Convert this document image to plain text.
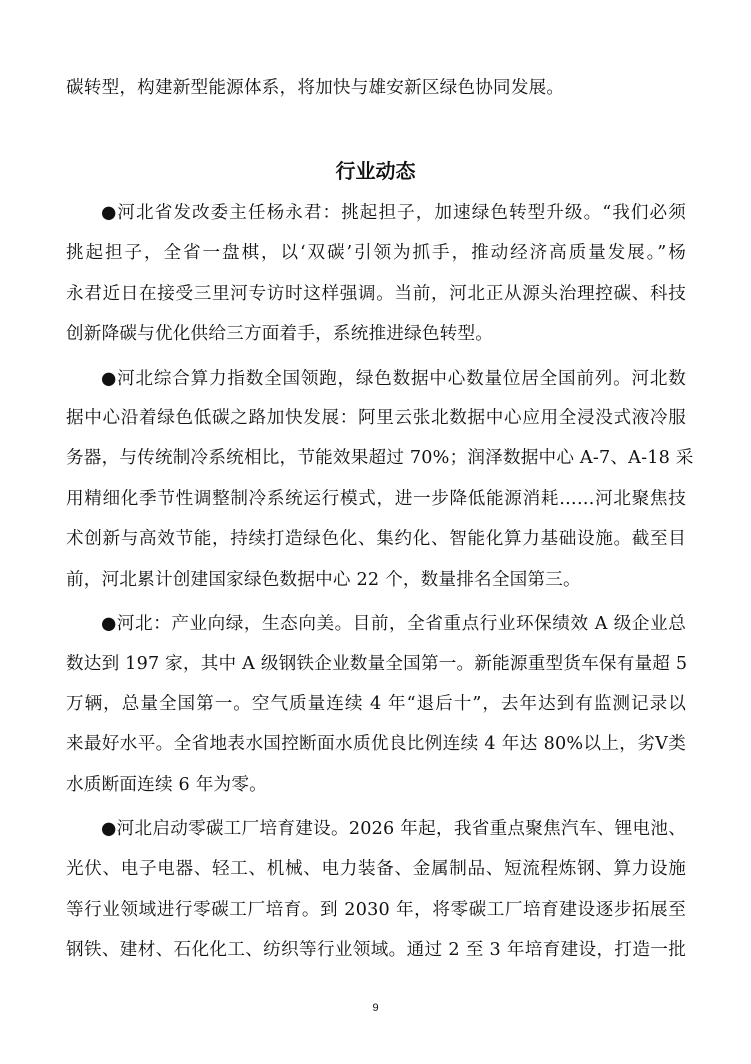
碳转型，构建新型能源体系，将加快与雄安新区绿色协同发展。
行业动态
●河北省发改委主任杨永君：挑起担子，加速绿色转型升级。“我们必须
挑起担子，全省一盘棋，以‘双碳’引领为抓手，推动经济高质量发展。”杨
永君近日在接受三里河专访时这样强调。当前，河北正从源头治理控碳、科技
创新降碳与优化供给三方面着手，系统推进绿色转型。
●河北综合算力指数全国领跑，绿色数据中心数量位居全国前列。河北数
据中心沿着绿色低碳之路加快发展：阿里云张北数据中心应用全浸没式液冷服
务器，与传统制冷系统相比，节能效果超过 70%；润泽数据中心 A-7、A-18 采
用精细化季节性调整制冷系统运行模式，进一步降低能源消耗……河北聚焦技
术创新与高效节能，持续打造绿色化、集约化、智能化算力基础设施。截至目
前，河北累计创建国家绿色数据中心 22 个，数量排名全国第三。
●河北：产业向绿，生态向美。目前，全省重点行业环保绩效 A 级企业总
数达到 197 家，其中 A 级钢铁企业数量全国第一。新能源重型货车保有量超 5
万辆，总量全国第一。空气质量连续 4 年“退后十”，去年达到有监测记录以
来最好水平。全省地表水国控断面水质优良比例连续 4 年达 80%以上，劣Ⅴ类
水质断面连续 6 年为零。
●河北启动零碳工厂培育建设。2026 年起，我省重点聚焦汽车、锂电池、
光伏、电子电器、轻工、机械、电力装备、金属制品、短流程炼钢、算力设施
等行业领域进行零碳工厂培育。到 2030 年，将零碳工厂培育建设逐步拓展至
钢铁、建材、石化化工、纺织等行业领域。通过 2 至 3 年培育建设，打造一批
9
